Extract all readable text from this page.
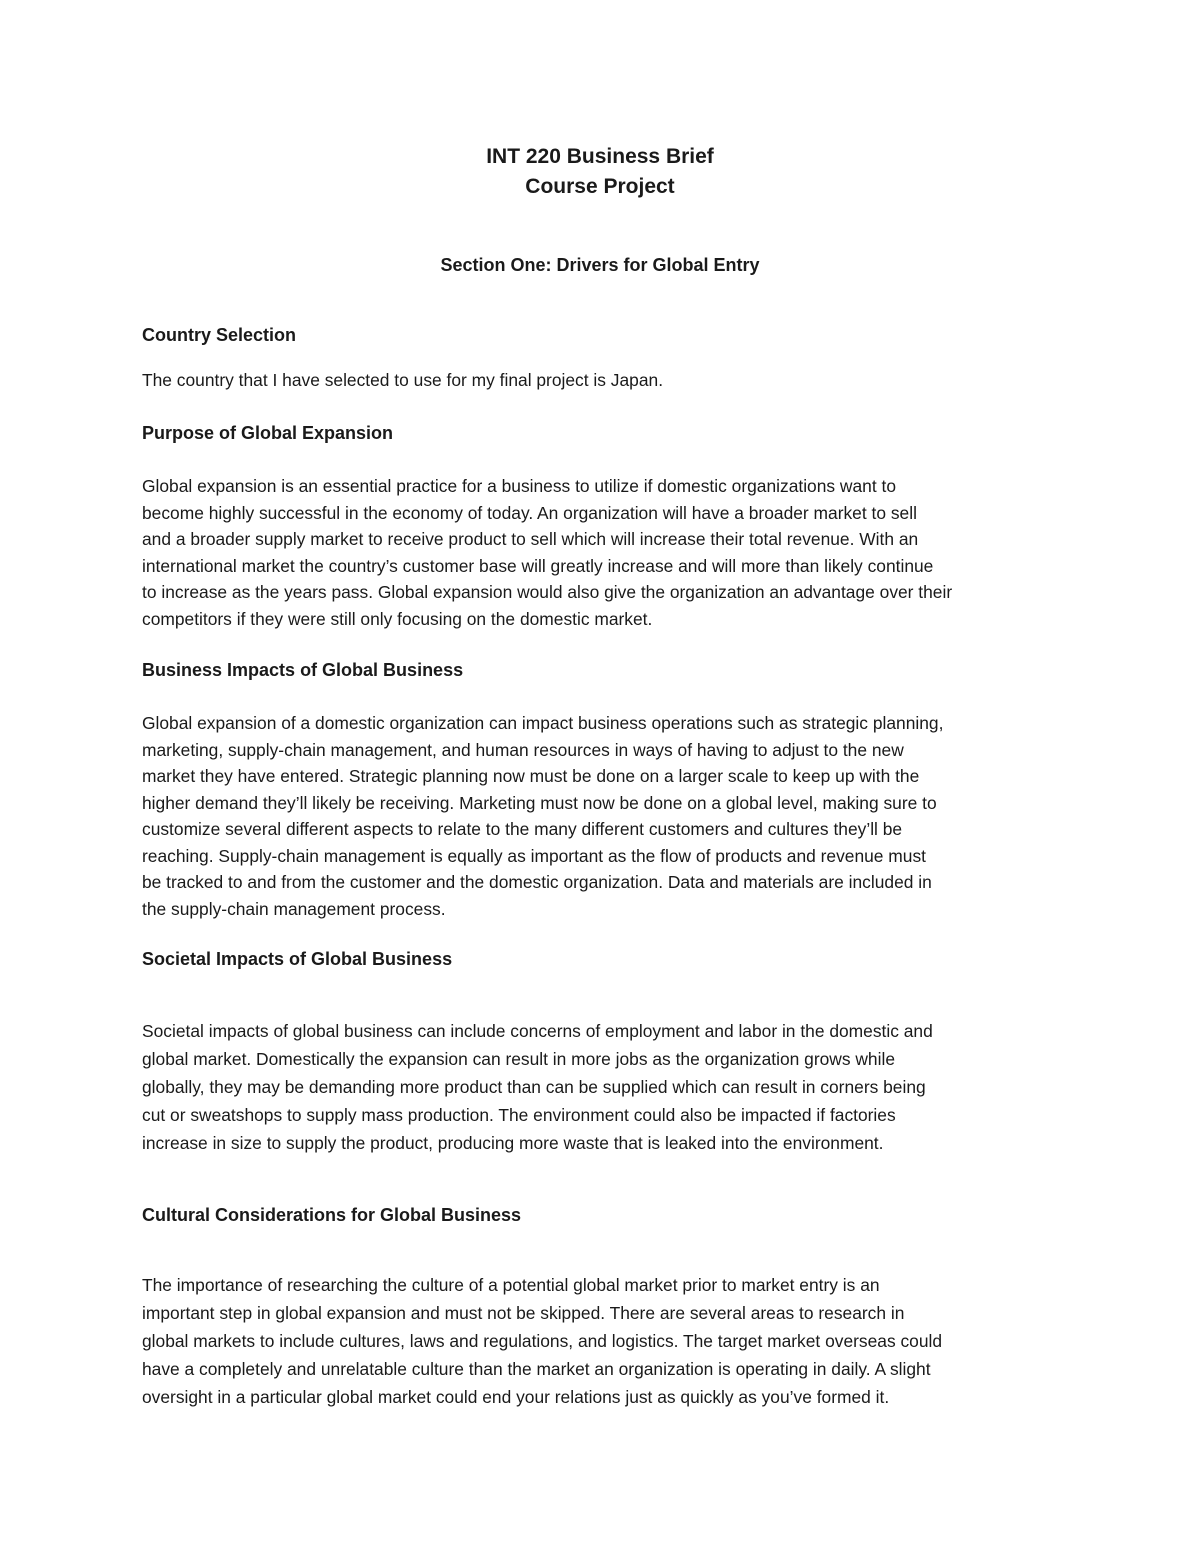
INT 220 Business Brief
Course Project
Section One: Drivers for Global Entry
Country Selection

The country that I have selected to use for my final project is Japan.

Purpose of Global Expansion

Global expansion is an essential practice for a business to utilize if domestic organizations want to
become highly successful in the economy of today. An organization will have a broader market to sell
and a broader supply market to receive product to sell which will increase their total revenue. With an
international market the country’s customer base will greatly increase and will more than likely continue
to increase as the years pass. Global expansion would also give the organization an advantage over their
competitors if they were still only focusing on the domestic market.

Business Impacts of Global Business

Global expansion of a domestic organization can impact business operations such as strategic planning,
marketing, supply-chain management, and human resources in ways of having to adjust to the new
market they have entered. Strategic planning now must be done on a larger scale to keep up with the
higher demand they’ll likely be receiving. Marketing must now be done on a global level, making sure to
customize several different aspects to relate to the many different customers and cultures they’ll be
reaching. Supply-chain management is equally as important as the flow of products and revenue must
be tracked to and from the customer and the domestic organization. Data and materials are included in
the supply-chain management process.

Societal Impacts of Global Business

Societal impacts of global business can include concerns of employment and labor in the domestic and
global market. Domestically the expansion can result in more jobs as the organization grows while
globally, they may be demanding more product than can be supplied which can result in corners being
cut or sweatshops to supply mass production. The environment could also be impacted if factories
increase in size to supply the product, producing more waste that is leaked into the environment.

Cultural Considerations for Global Business

The importance of researching the culture of a potential global market prior to market entry is an
important step in global expansion and must not be skipped. There are several areas to research in
global markets to include cultures, laws and regulations, and logistics. The target market overseas could
have a completely and unrelatable culture than the market an organization is operating in daily. A slight
oversight in a particular global market could end your relations just as quickly as you’ve formed it.
